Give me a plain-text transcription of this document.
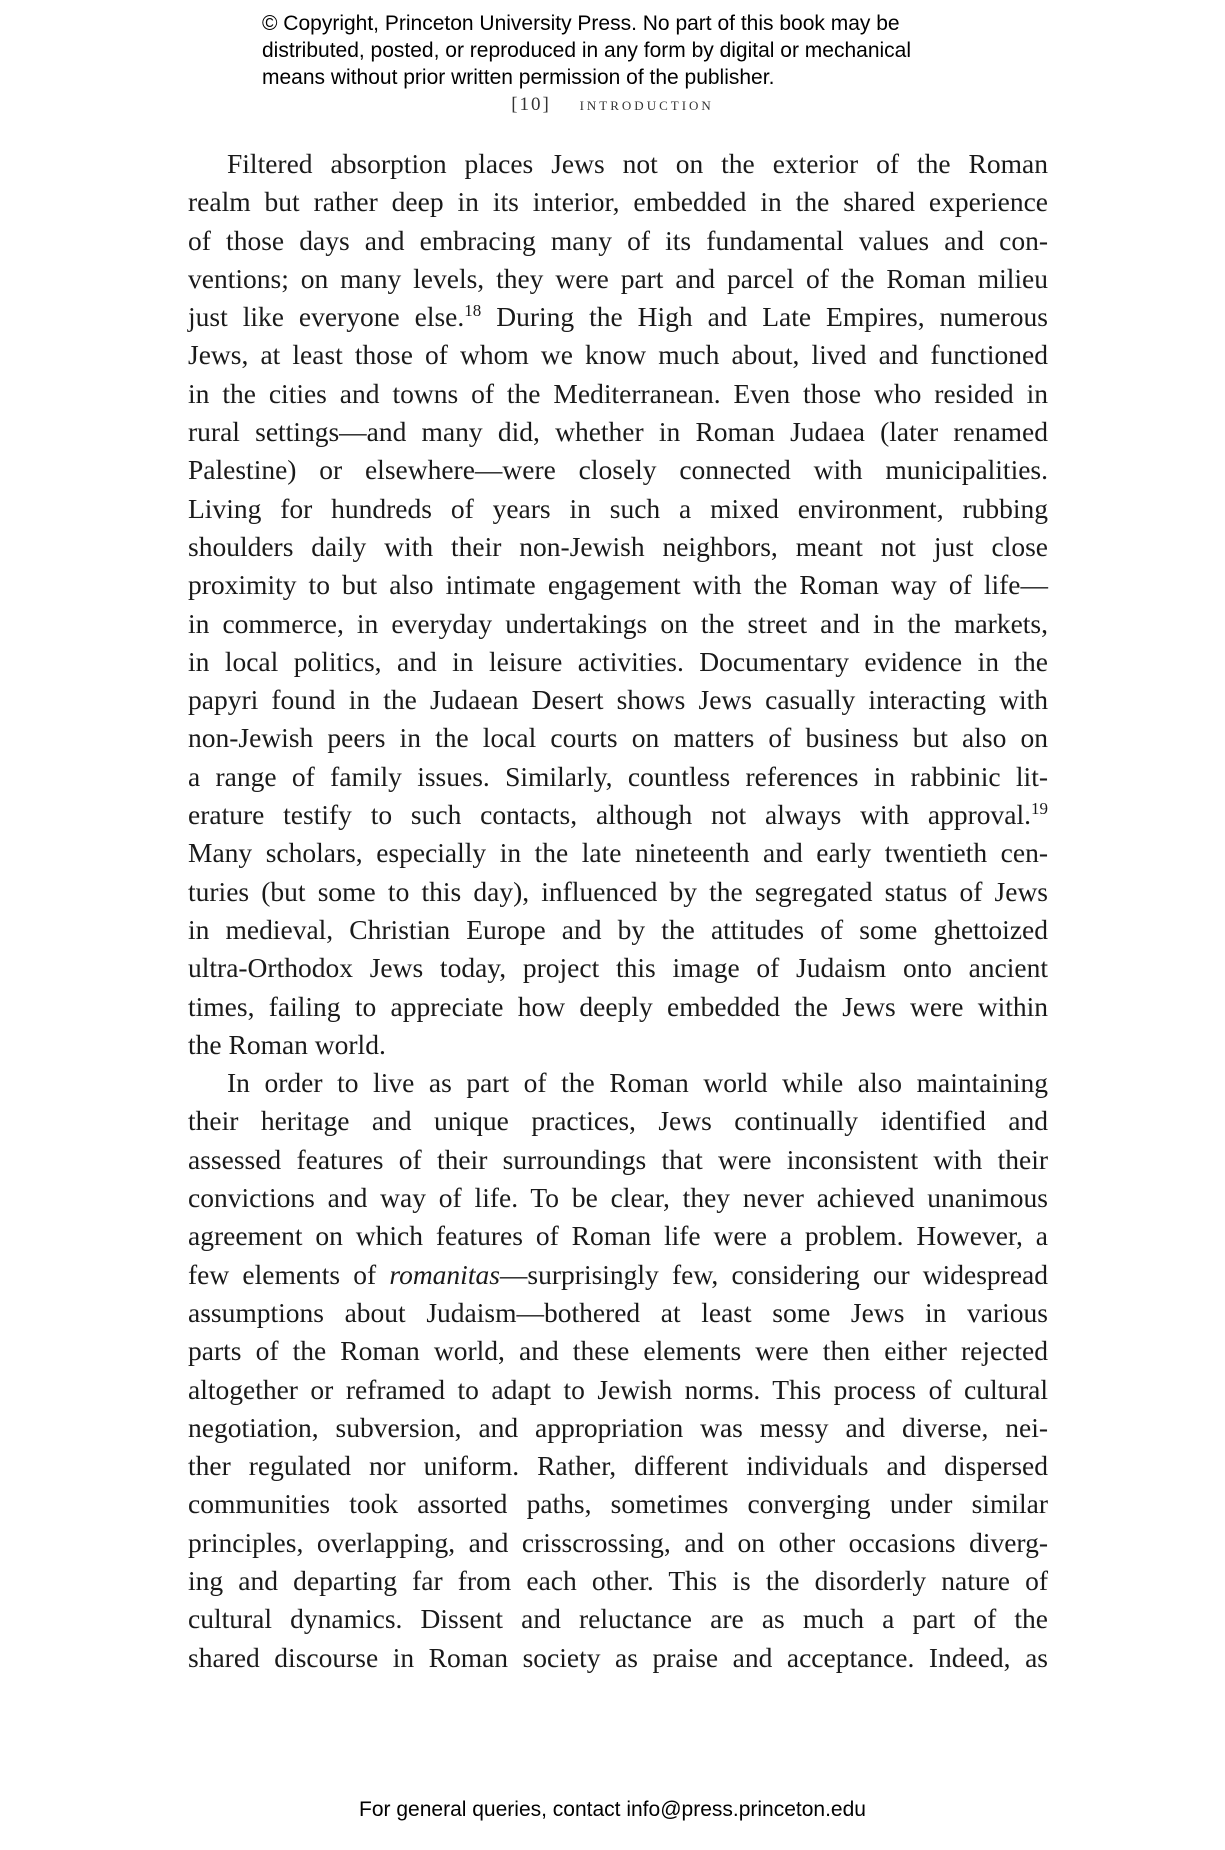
© Copyright, Princeton University Press. No part of this book may be
distributed, posted, or reproduced in any form by digital or mechanical
means without prior written permission of the publisher.
[10] introduction
Filtered absorption places Jews not on the exterior of the Roman
realm but rather deep in its interior, embedded in the shared experience
of those days and embracing many of its fundamental values and con-
ventions; on many levels, they were part and parcel of the Roman milieu
just like everyone else.$^{18}$ During the High and Late Empires, numerous
Jews, at least those of whom we know much about, lived and functioned
in the cities and towns of the Mediterranean. Even those who resided in
rural settings—and many did, whether in Roman Judaea (later renamed
Palestine) or elsewhere—were closely connected with municipalities.
Living for hundreds of years in such a mixed environment, rubbing
shoulders daily with their non-Jewish neighbors, meant not just close
proximity to but also intimate engagement with the Roman way of life—
in commerce, in everyday undertakings on the street and in the markets,
in local politics, and in leisure activities. Documentary evidence in the
papyri found in the Judaean Desert shows Jews casually interacting with
non-Jewish peers in the local courts on matters of business but also on
a range of family issues. Similarly, countless references in rabbinic lit-
erature testify to such contacts, although not always with approval.$^{19}$
Many scholars, especially in the late nineteenth and early twentieth cen-
turies (but some to this day), influenced by the segregated status of Jews
in medieval, Christian Europe and by the attitudes of some ghettoized
ultra-Orthodox Jews today, project this image of Judaism onto ancient
times, failing to appreciate how deeply embedded the Jews were within
the Roman world.
In order to live as part of the Roman world while also maintaining
their heritage and unique practices, Jews continually identified and
assessed features of their surroundings that were inconsistent with their
convictions and way of life. To be clear, they never achieved unanimous
agreement on which features of Roman life were a problem. However, a
few elements of romanitas—surprisingly few, considering our widespread
assumptions about Judaism—bothered at least some Jews in various
parts of the Roman world, and these elements were then either rejected
altogether or reframed to adapt to Jewish norms. This process of cultural
negotiation, subversion, and appropriation was messy and diverse, nei-
ther regulated nor uniform. Rather, different individuals and dispersed
communities took assorted paths, sometimes converging under similar
principles, overlapping, and crisscrossing, and on other occasions diverg-
ing and departing far from each other. This is the disorderly nature of
cultural dynamics. Dissent and reluctance are as much a part of the
shared discourse in Roman society as praise and acceptance. Indeed, as
For general queries, contact info@press.princeton.edu
